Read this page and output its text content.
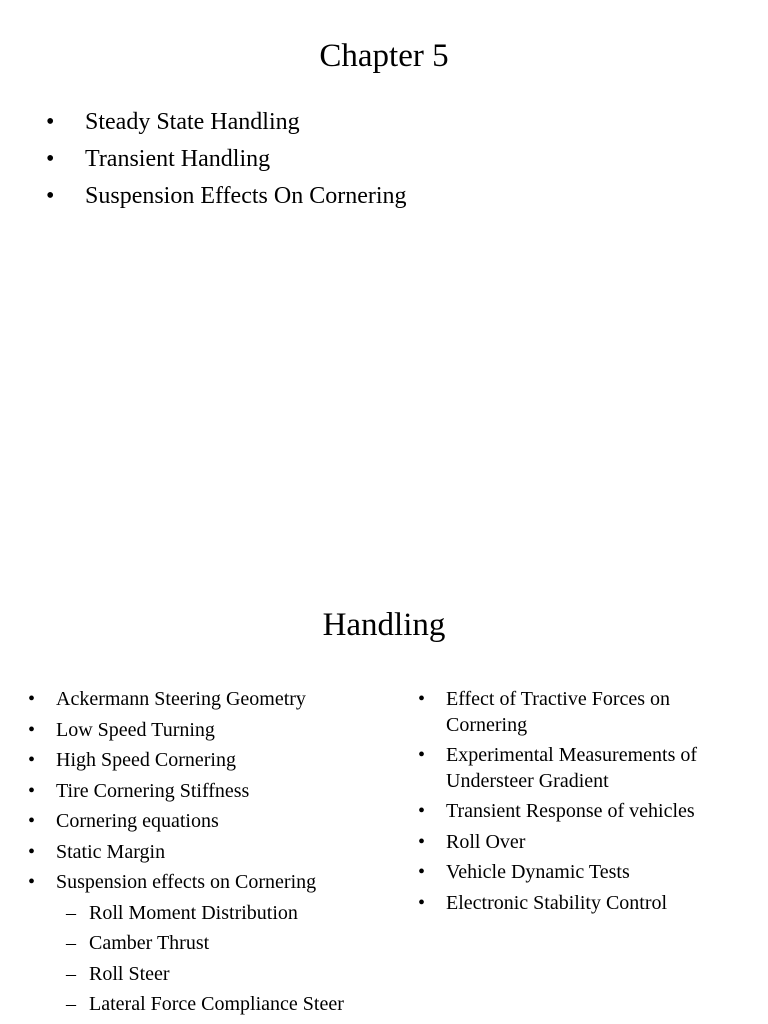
Chapter 5
• Steady State Handling
• Transient Handling
• Suspension Effects On Cornering
Handling
• Ackermann Steering Geometry
• Low Speed Turning
• High Speed Cornering
• Tire Cornering Stiffness
• Cornering equations
• Static Margin
• Suspension effects on Cornering
– Roll Moment Distribution
– Camber Thrust
– Roll Steer
– Lateral Force Compliance Steer
• Effect of Tractive Forces on Cornering
• Experimental Measurements of Understeer Gradient
• Transient Response of vehicles
• Roll Over
• Vehicle Dynamic Tests
• Electronic Stability Control
